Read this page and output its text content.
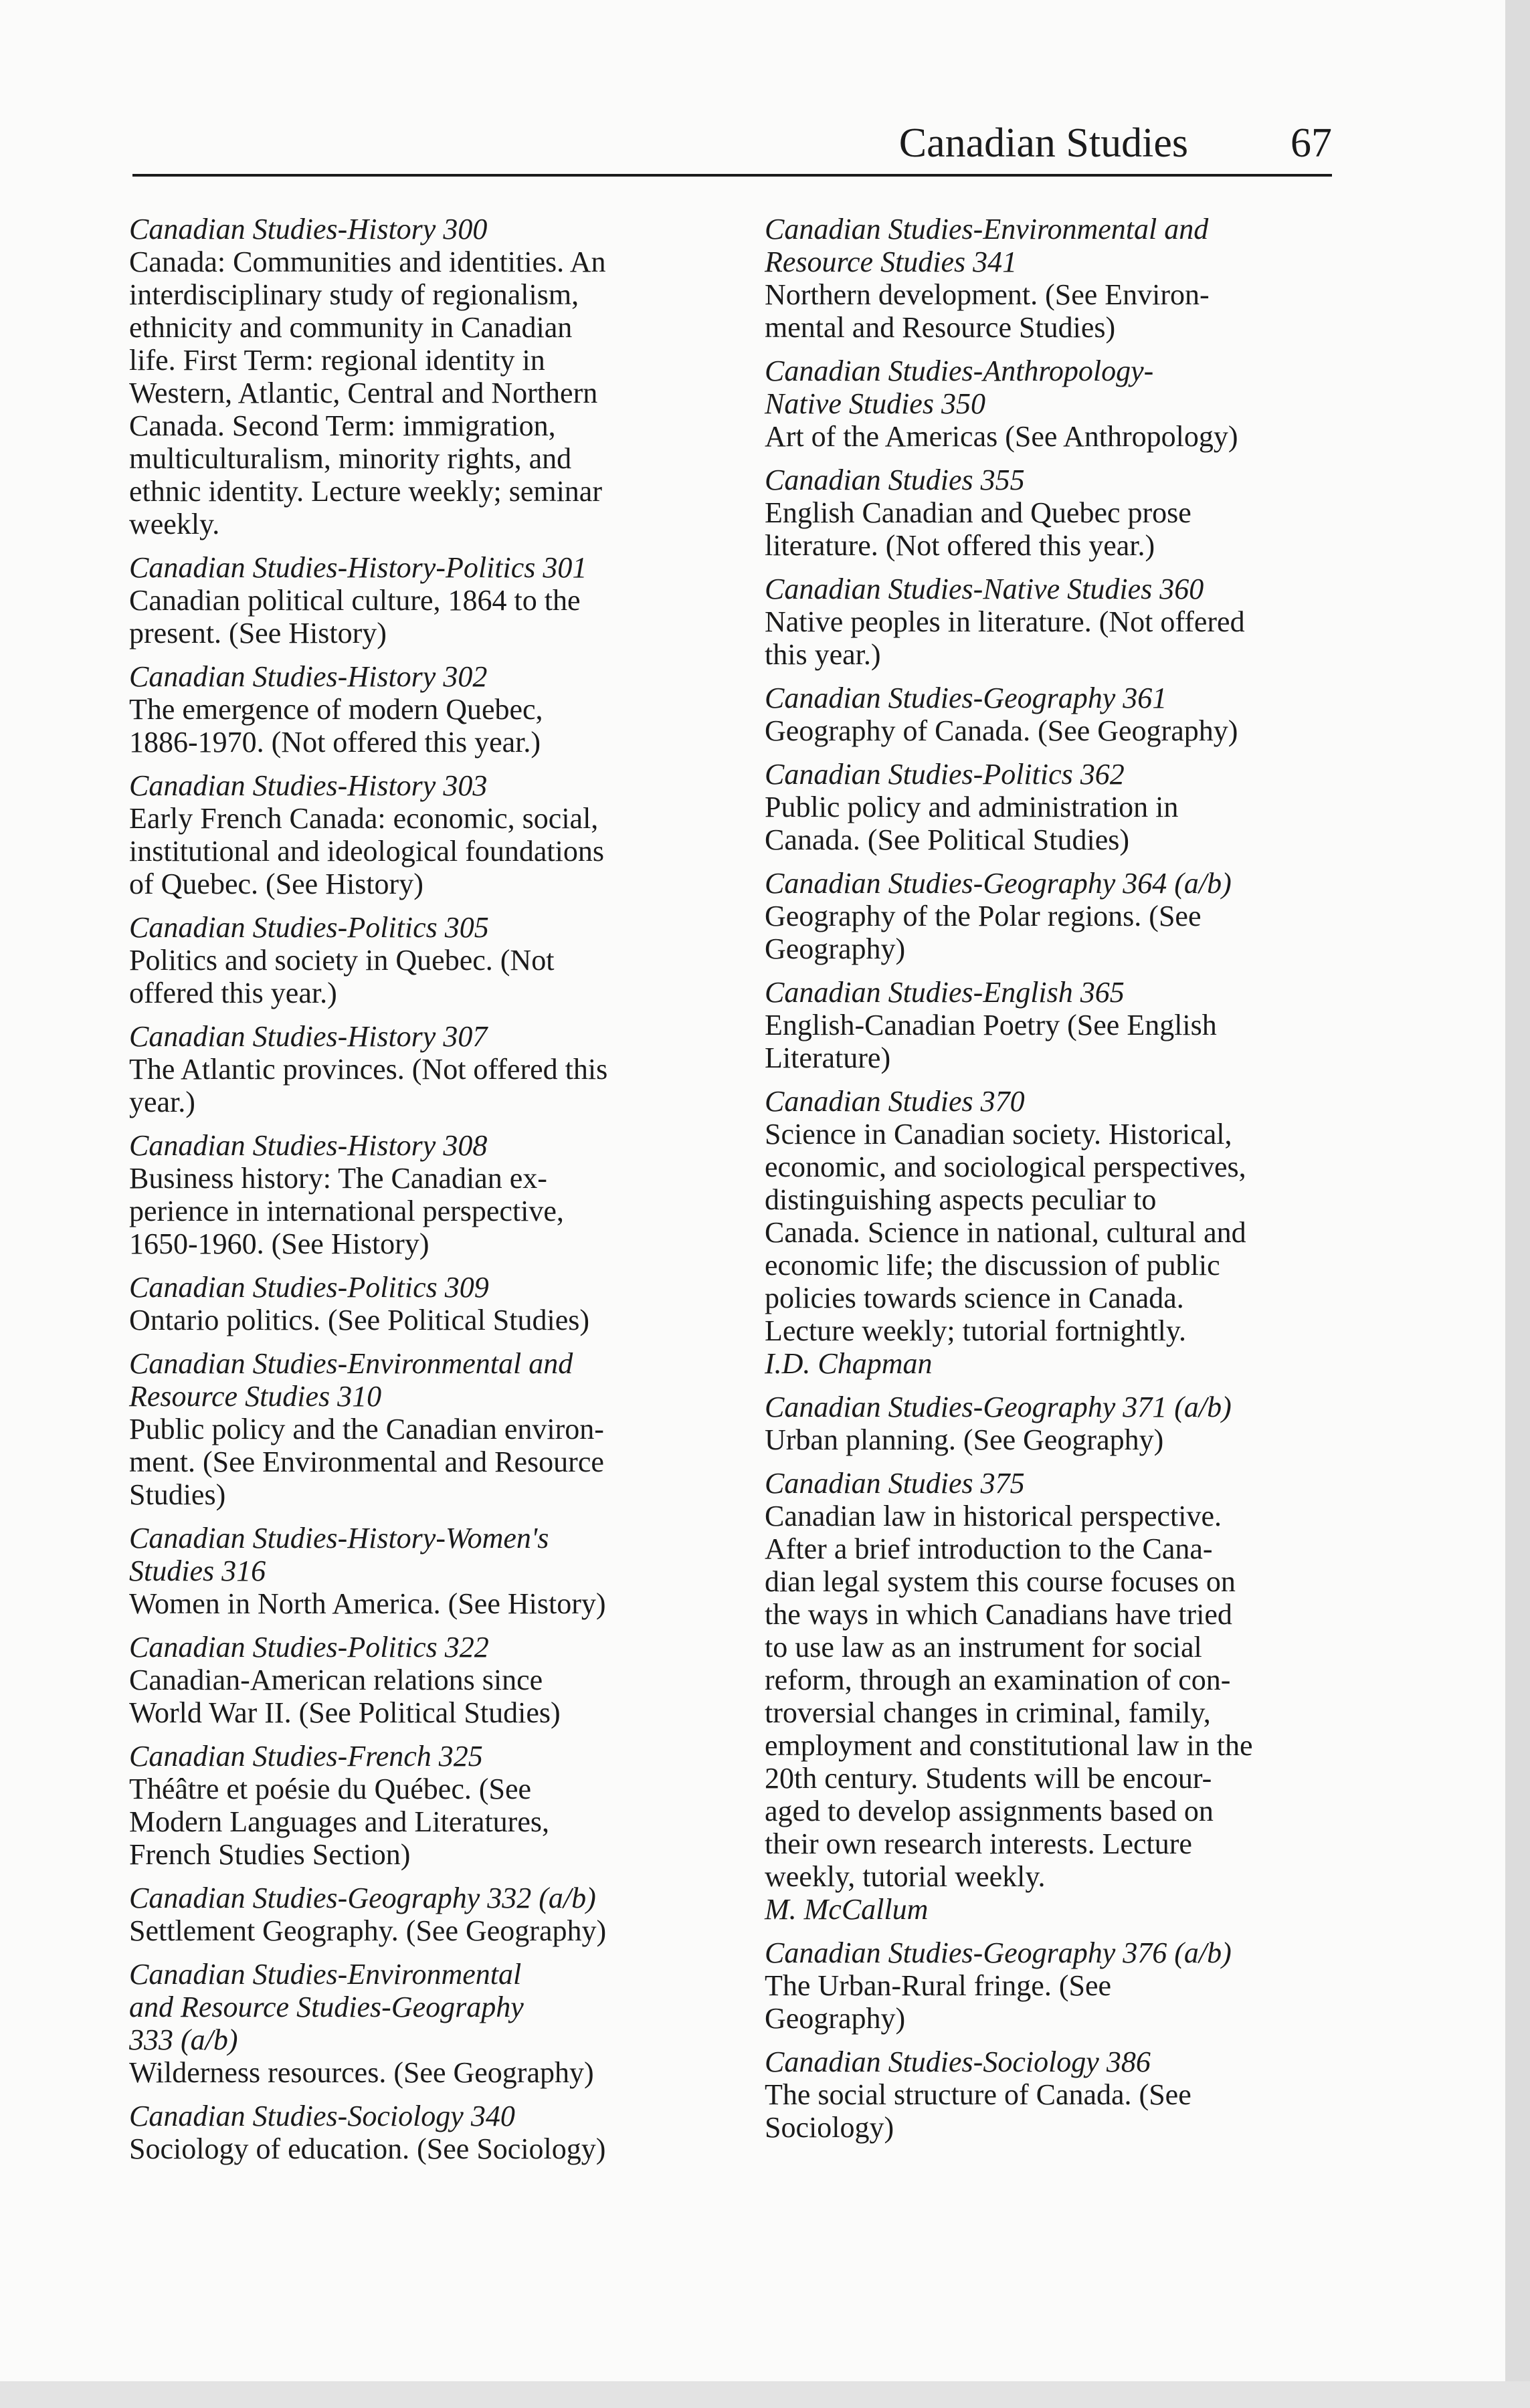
Canadian Studies 67
Canadian Studies-History 300
Canada: Communities and identities. An
interdisciplinary study of regionalism,
ethnicity and community in Canadian
life. First Term: regional identity in
Western, Atlantic, Central and Northern
Canada. Second Term: immigration,
multiculturalism, minority rights, and
ethnic identity. Lecture weekly; seminar
weekly.
Canadian Studies-History-Politics 301
Canadian political culture, 1864 to the
present. (See History)
Canadian Studies-History 302
The emergence of modern Quebec,
1886-1970. (Not offered this year.)
Canadian Studies-History 303
Early French Canada: economic, social,
institutional and ideological foundations
of Quebec. (See History)
Canadian Studies-Politics 305
Politics and society in Quebec. (Not
offered this year.)
Canadian Studies-History 307
The Atlantic provinces. (Not offered this
year.)
Canadian Studies-History 308
Business history: The Canadian ex-
perience in international perspective,
1650-1960. (See History)
Canadian Studies-Politics 309
Ontario politics. (See Political Studies)
Canadian Studies-Environmental and
Resource Studies 310
Public policy and the Canadian environ-
ment. (See Environmental and Resource
Studies)
Canadian Studies-History-Women's
Studies 316
Women in North America. (See History)
Canadian Studies-Politics 322
Canadian-American relations since
World War II. (See Political Studies)
Canadian Studies-French 325
Théâtre et poésie du Québec. (See
Modern Languages and Literatures,
French Studies Section)
Canadian Studies-Geography 332 (a/b)
Settlement Geography. (See Geography)
Canadian Studies-Environmental
and Resource Studies-Geography
333 (a/b)
Wilderness resources. (See Geography)
Canadian Studies-Sociology 340
Sociology of education. (See Sociology)
Canadian Studies-Environmental and
Resource Studies 341
Northern development. (See Environ-
mental and Resource Studies)
Canadian Studies-Anthropology-
Native Studies 350
Art of the Americas (See Anthropology)
Canadian Studies 355
English Canadian and Quebec prose
literature. (Not offered this year.)
Canadian Studies-Native Studies 360
Native peoples in literature. (Not offered
this year.)
Canadian Studies-Geography 361
Geography of Canada. (See Geography)
Canadian Studies-Politics 362
Public policy and administration in
Canada. (See Political Studies)
Canadian Studies-Geography 364 (a/b)
Geography of the Polar regions. (See
Geography)
Canadian Studies-English 365
English-Canadian Poetry (See English
Literature)
Canadian Studies 370
Science in Canadian society. Historical,
economic, and sociological perspectives,
distinguishing aspects peculiar to
Canada. Science in national, cultural and
economic life; the discussion of public
policies towards science in Canada.
Lecture weekly; tutorial fortnightly.
I.D. Chapman
Canadian Studies-Geography 371 (a/b)
Urban planning. (See Geography)
Canadian Studies 375
Canadian law in historical perspective.
After a brief introduction to the Cana-
dian legal system this course focuses on
the ways in which Canadians have tried
to use law as an instrument for social
reform, through an examination of con-
troversial changes in criminal, family,
employment and constitutional law in the
20th century. Students will be encour-
aged to develop assignments based on
their own research interests. Lecture
weekly, tutorial weekly.
M. McCallum
Canadian Studies-Geography 376 (a/b)
The Urban-Rural fringe. (See
Geography)
Canadian Studies-Sociology 386
The social structure of Canada. (See
Sociology)
